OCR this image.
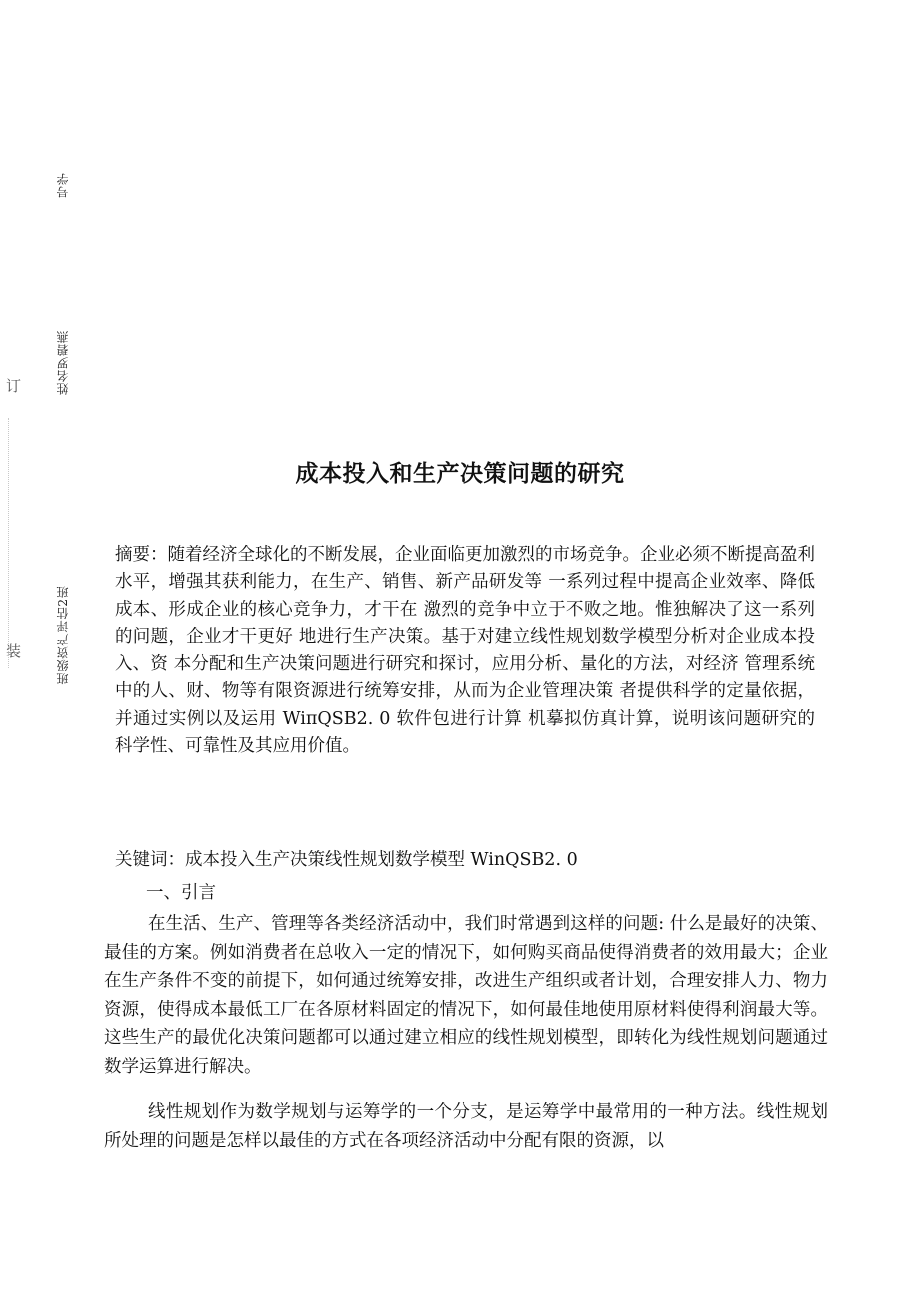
订
装
号学
姓名罗碧燕
班级资产评估2班
成本投入和生产决策问题的研究

摘要：随着经济全球化的不断发展，企业面临更加激烈的市场竞争。企业必须不断提高盈利水平，增强其获利能力，在生产、销售、新产品研发等 一系列过程中提高企业效率、降低成本、形成企业的核心竞争力，才干在 激烈的竞争中立于不败之地。惟独解决了这一系列的问题，企业才干更好 地进行生产决策。基于对建立线性规划数学模型分析对企业成本投入、资 本分配和生产决策问题进行研究和探讨，应用分析、量化的方法，对经济 管理系统中的人、财、物等有限资源进行统筹安排，从而为企业管理决策 者提供科学的定量依据，并通过实例以及运用 WiπQSB2. 0 软件包进行计算 机摹拟仿真计算，说明该问题研究的科学性、可靠性及其应用价值。

关键词：成本投入生产决策线性规划数学模型 WinQSB2. 0

一、引言

在生活、生产、管理等各类经济活动中，我们时常遇到这样的问题: 什么是最好的决策、最佳的方案。例如消费者在总收入一定的情况下，如何购买商品使得消费者的效用最大；企业在生产条件不变的前提下，如何通过统筹安排，改进生产组织或者计划，合理安排人力、物力资源，使得成本最低工厂在各原材料固定的情况下，如何最佳地使用原材料使得利润最大等。这些生产的最优化决策问题都可以通过建立相应的线性规划模型，即转化为线性规划问题通过数学运算进行解决。

线性规划作为数学规划与运筹学的一个分支，是运筹学中最常用的一种方法。线性规划所处理的问题是怎样以最佳的方式在各项经济活动中分配有限的资源，以
